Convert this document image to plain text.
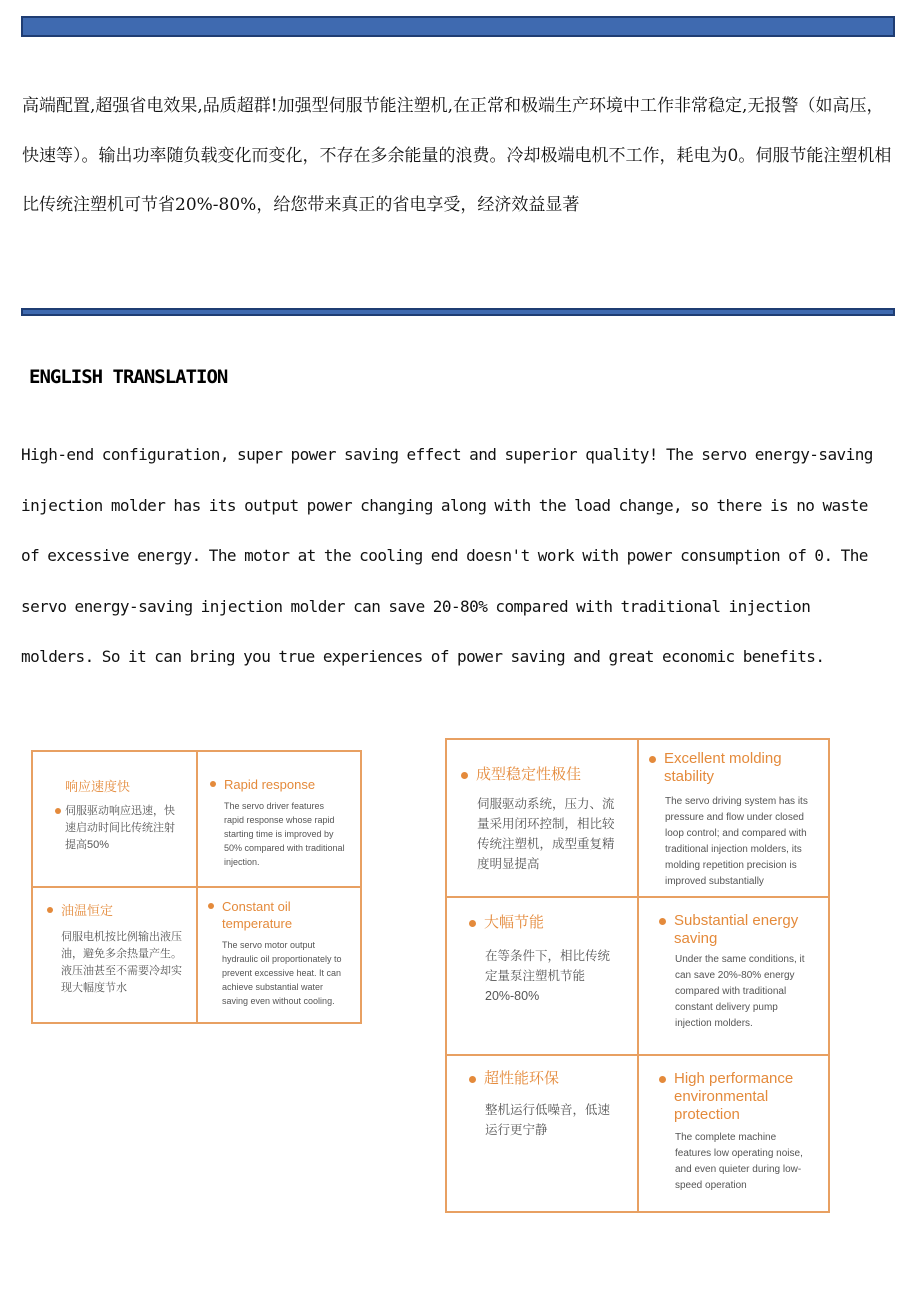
高端配置,超强省电效果,品质超群!加强型伺服节能注塑机,在正常和极端生产环境中工作非常稳定,无报警（如高压，快速等）。输出功率随负载变化而变化，不存在多余能量的浪费。冷却极端电机不工作，耗电为0。伺服节能注塑机相比传统注塑机可节省20%-80%，给您带来真正的省电享受，经济效益显著

ENGLISH TRANSLATION

High-end configuration, super power saving effect and superior quality! The servo energy-saving injection molder has its output power changing along with the load change, so there is no waste of excessive energy. The motor at the cooling end doesn't work with power consumption of 0. The servo energy-saving injection molder can save 20-80% compared with traditional injection molders. So it can bring you true experiences of power saving and great economic benefits.

响应速度快
伺服驱动响应迅速，快速启动时间比传统注射提高50%
Rapid response
The servo driver features rapid response whose rapid starting time is improved by 50% compared with traditional injection.
油温恒定
伺服电机按比例输出液压油，避免多余热量产生。液压油甚至不需要冷却实现大幅度节水
Constant oil temperature
The servo motor output hydraulic oil proportionately to prevent excessive heat. It can achieve substantial water saving even without cooling.
成型稳定性极佳
伺服驱动系统，压力、流量采用闭环控制，相比较传统注塑机，成型重复精度明显提高
Excellent molding stability
The servo driving system has its pressure and flow under closed loop control; and compared with traditional injection molders, its molding repetition precision is improved substantially
大幅节能
在等条件下，相比传统定量泵注塑机节能20%-80%
Substantial energy saving
Under the same conditions, it can save 20%-80% energy compared with traditional constant delivery pump injection molders.
超性能环保
整机运行低噪音，低速运行更宁静
High performance environmental protection
The complete machine features low operating noise, and even quieter during low-speed operation
